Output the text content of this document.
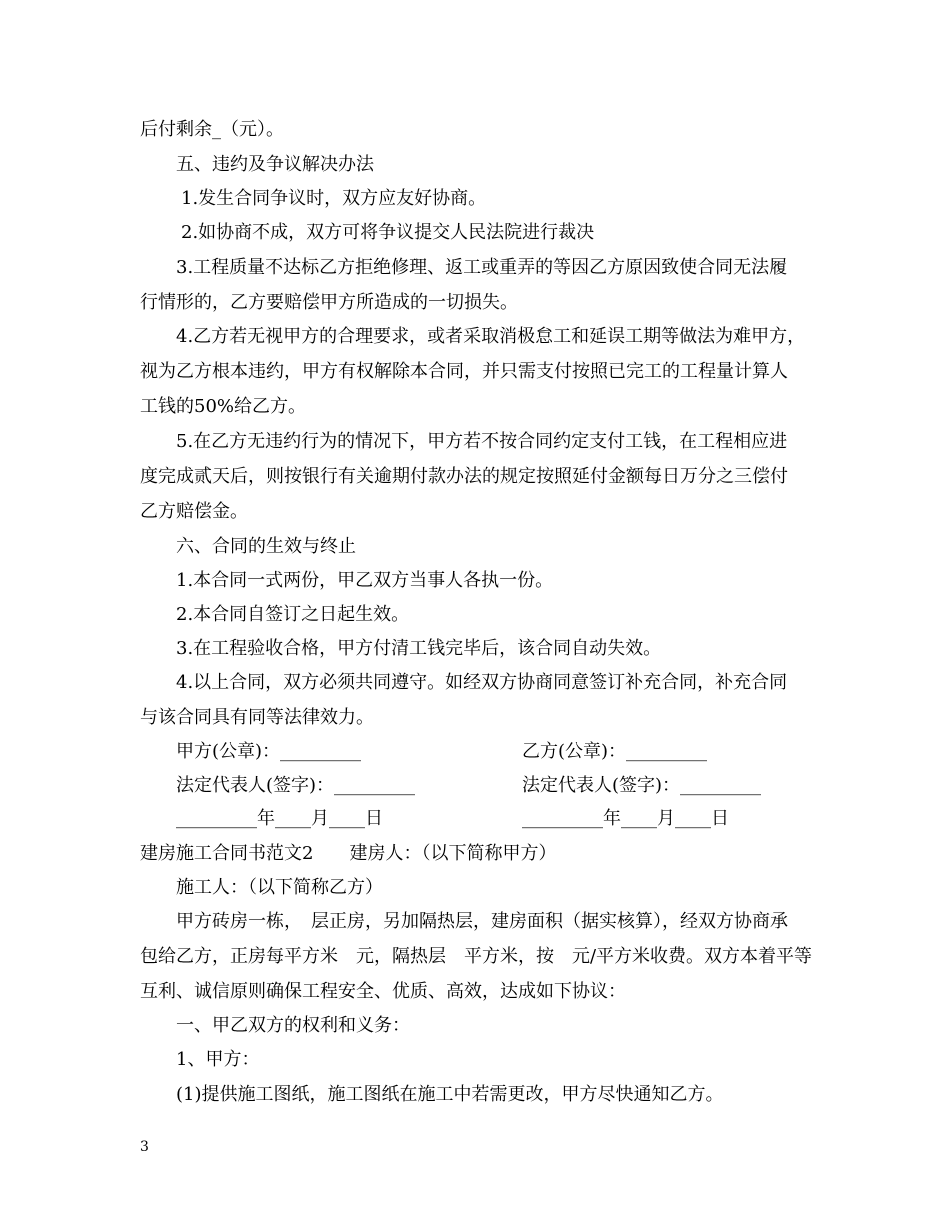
后付剩余_（元）。
五、违约及争议解决办法
1.发生合同争议时，双方应友好协商。
2.如协商不成，双方可将争议提交人民法院进行裁决
3.工程质量不达标乙方拒绝修理、返工或重弄的等因乙方原因致使合同无法履
行情形的，乙方要赔偿甲方所造成的一切损失。
4.乙方若无视甲方的合理要求，或者采取消极怠工和延误工期等做法为难甲方，
视为乙方根本违约，甲方有权解除本合同，并只需支付按照已完工的工程量计算人
工钱的50%给乙方。
5.在乙方无违约行为的情况下，甲方若不按合同约定支付工钱，在工程相应进
度完成贰天后，则按银行有关逾期付款办法的规定按照延付金额每日万分之三偿付
乙方赔偿金。
六、合同的生效与终止
1.本合同一式两份，甲乙双方当事人各执一份。
2.本合同自签订之日起生效。
3.在工程验收合格，甲方付清工钱完毕后，该合同自动失效。
4.以上合同，双方必须共同遵守。如经双方协商同意签订补充合同，补充合同
与该合同具有同等法律效力。
甲方(公章)：_________	乙方(公章)：_________
法定代表人(签字)：_________	法定代表人(签字)：_________
_________年____月____日	_________年____月____日
建房施工合同书范文2　　建房人：（以下简称甲方）
施工人：（以下简称乙方）
甲方砖房一栋，　层正房，另加隔热层，建房面积（据实核算），经双方协商承
包给乙方，正房每平方米　元，隔热层　平方米，按　元/平方米收费。双方本着平等
互利、诚信原则确保工程安全、优质、高效，达成如下协议：
一、甲乙双方的权利和义务：
1、甲方：
(1)提供施工图纸，施工图纸在施工中若需更改，甲方尽快通知乙方。
3
